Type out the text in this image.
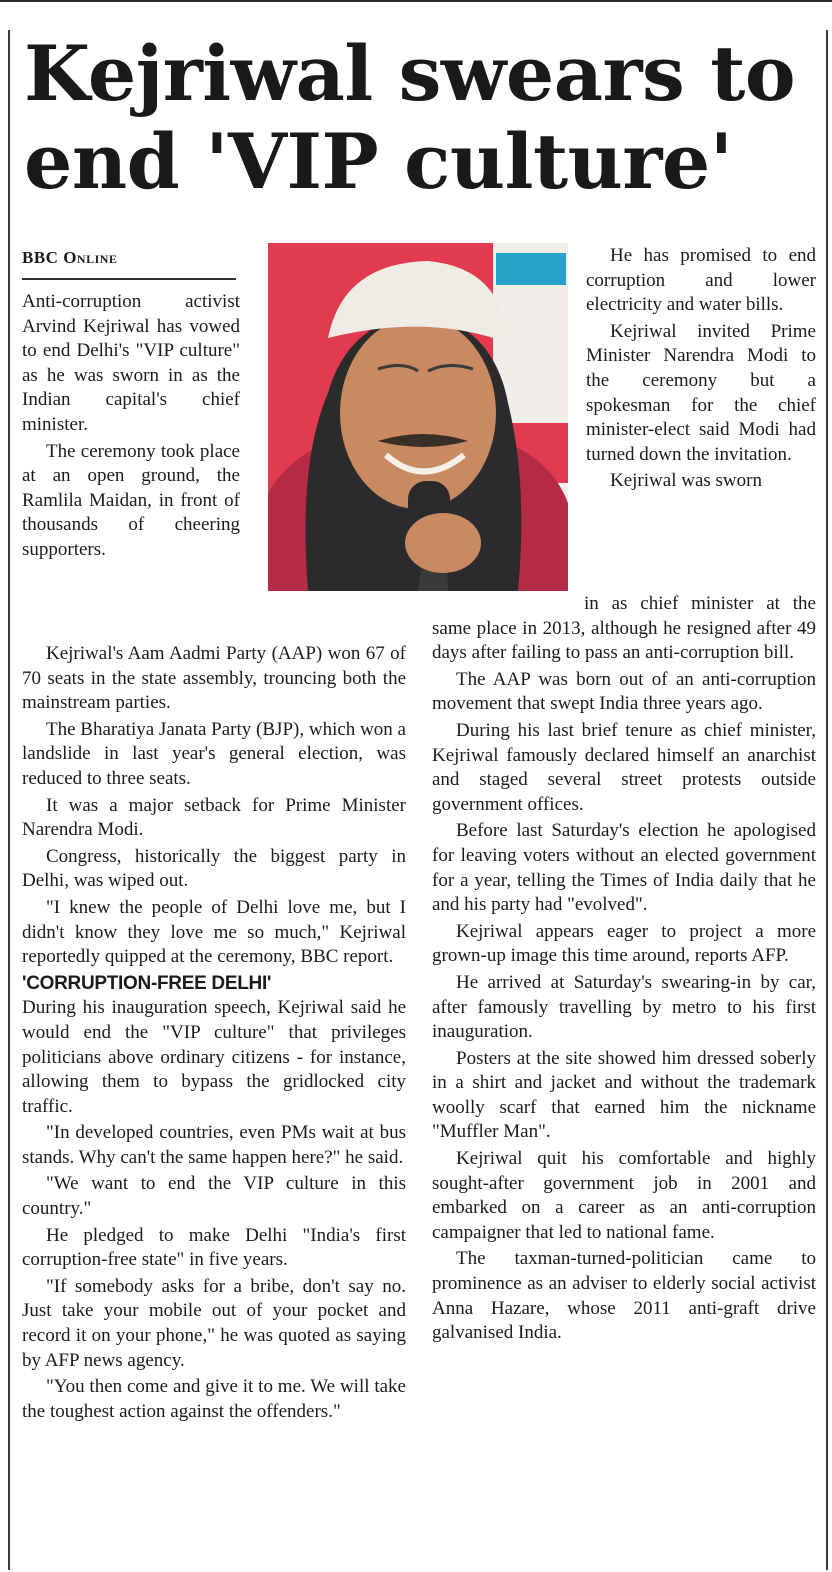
Kejriwal swears to end 'VIP culture'
BBC Online

Anti-corruption activist Arvind Kejriwal has vowed to end Delhi's "VIP culture" as he was sworn in as the Indian capital's chief minister.

The ceremony took place at an open ground, the Ramlila Maidan, in front of thousands of cheering supporters.

He has promised to end corruption and lower electricity and water bills.

Kejriwal invited Prime Minister Narendra Modi to the ceremony but a spokesman for the chief minister-elect said Modi had turned down the invitation.

Kejriwal was sworn

Kejriwal's Aam Aadmi Party (AAP) won 67 of 70 seats in the state assembly, trouncing both the mainstream parties.

The Bharatiya Janata Party (BJP), which won a landslide in last year's general election, was reduced to three seats.

It was a major setback for Prime Minister Narendra Modi.

Congress, historically the biggest party in Delhi, was wiped out.

"I knew the people of Delhi love me, but I didn't know they love me so much," Kejriwal reportedly quipped at the ceremony, BBC report.

'CORRUPTION-FREE DELHI'

During his inauguration speech, Kejriwal said he would end the "VIP culture" that privileges politicians above ordinary citizens - for instance, allowing them to bypass the gridlocked city traffic.

"In developed countries, even PMs wait at bus stands. Why can't the same happen here?" he said.

"We want to end the VIP culture in this country."

He pledged to make Delhi "India's first corruption-free state" in five years.

"If somebody asks for a bribe, don't say no. Just take your mobile out of your pocket and record it on your phone," he was quoted as saying by AFP news agency.

"You then come and give it to me. We will take the toughest action against the offenders."

in as chief minister at the same place in 2013, although he resigned after 49 days after failing to pass an anti-corruption bill.

The AAP was born out of an anti-corruption movement that swept India three years ago.

During his last brief tenure as chief minister, Kejriwal famously declared himself an anarchist and staged several street protests outside government offices.

Before last Saturday's election he apologised for leaving voters without an elected government for a year, telling the Times of India daily that he and his party had "evolved".

Kejriwal appears eager to project a more grown-up image this time around, reports AFP.

He arrived at Saturday's swearing-in by car, after famously travelling by metro to his first inauguration.

Posters at the site showed him dressed soberly in a shirt and jacket and without the trademark woolly scarf that earned him the nickname "Muffler Man".

Kejriwal quit his comfortable and highly sought-after government job in 2001 and embarked on a career as an anti-corruption campaigner that led to national fame.

The taxman-turned-politician came to prominence as an adviser to elderly social activist Anna Hazare, whose 2011 anti-graft drive galvanised India.
